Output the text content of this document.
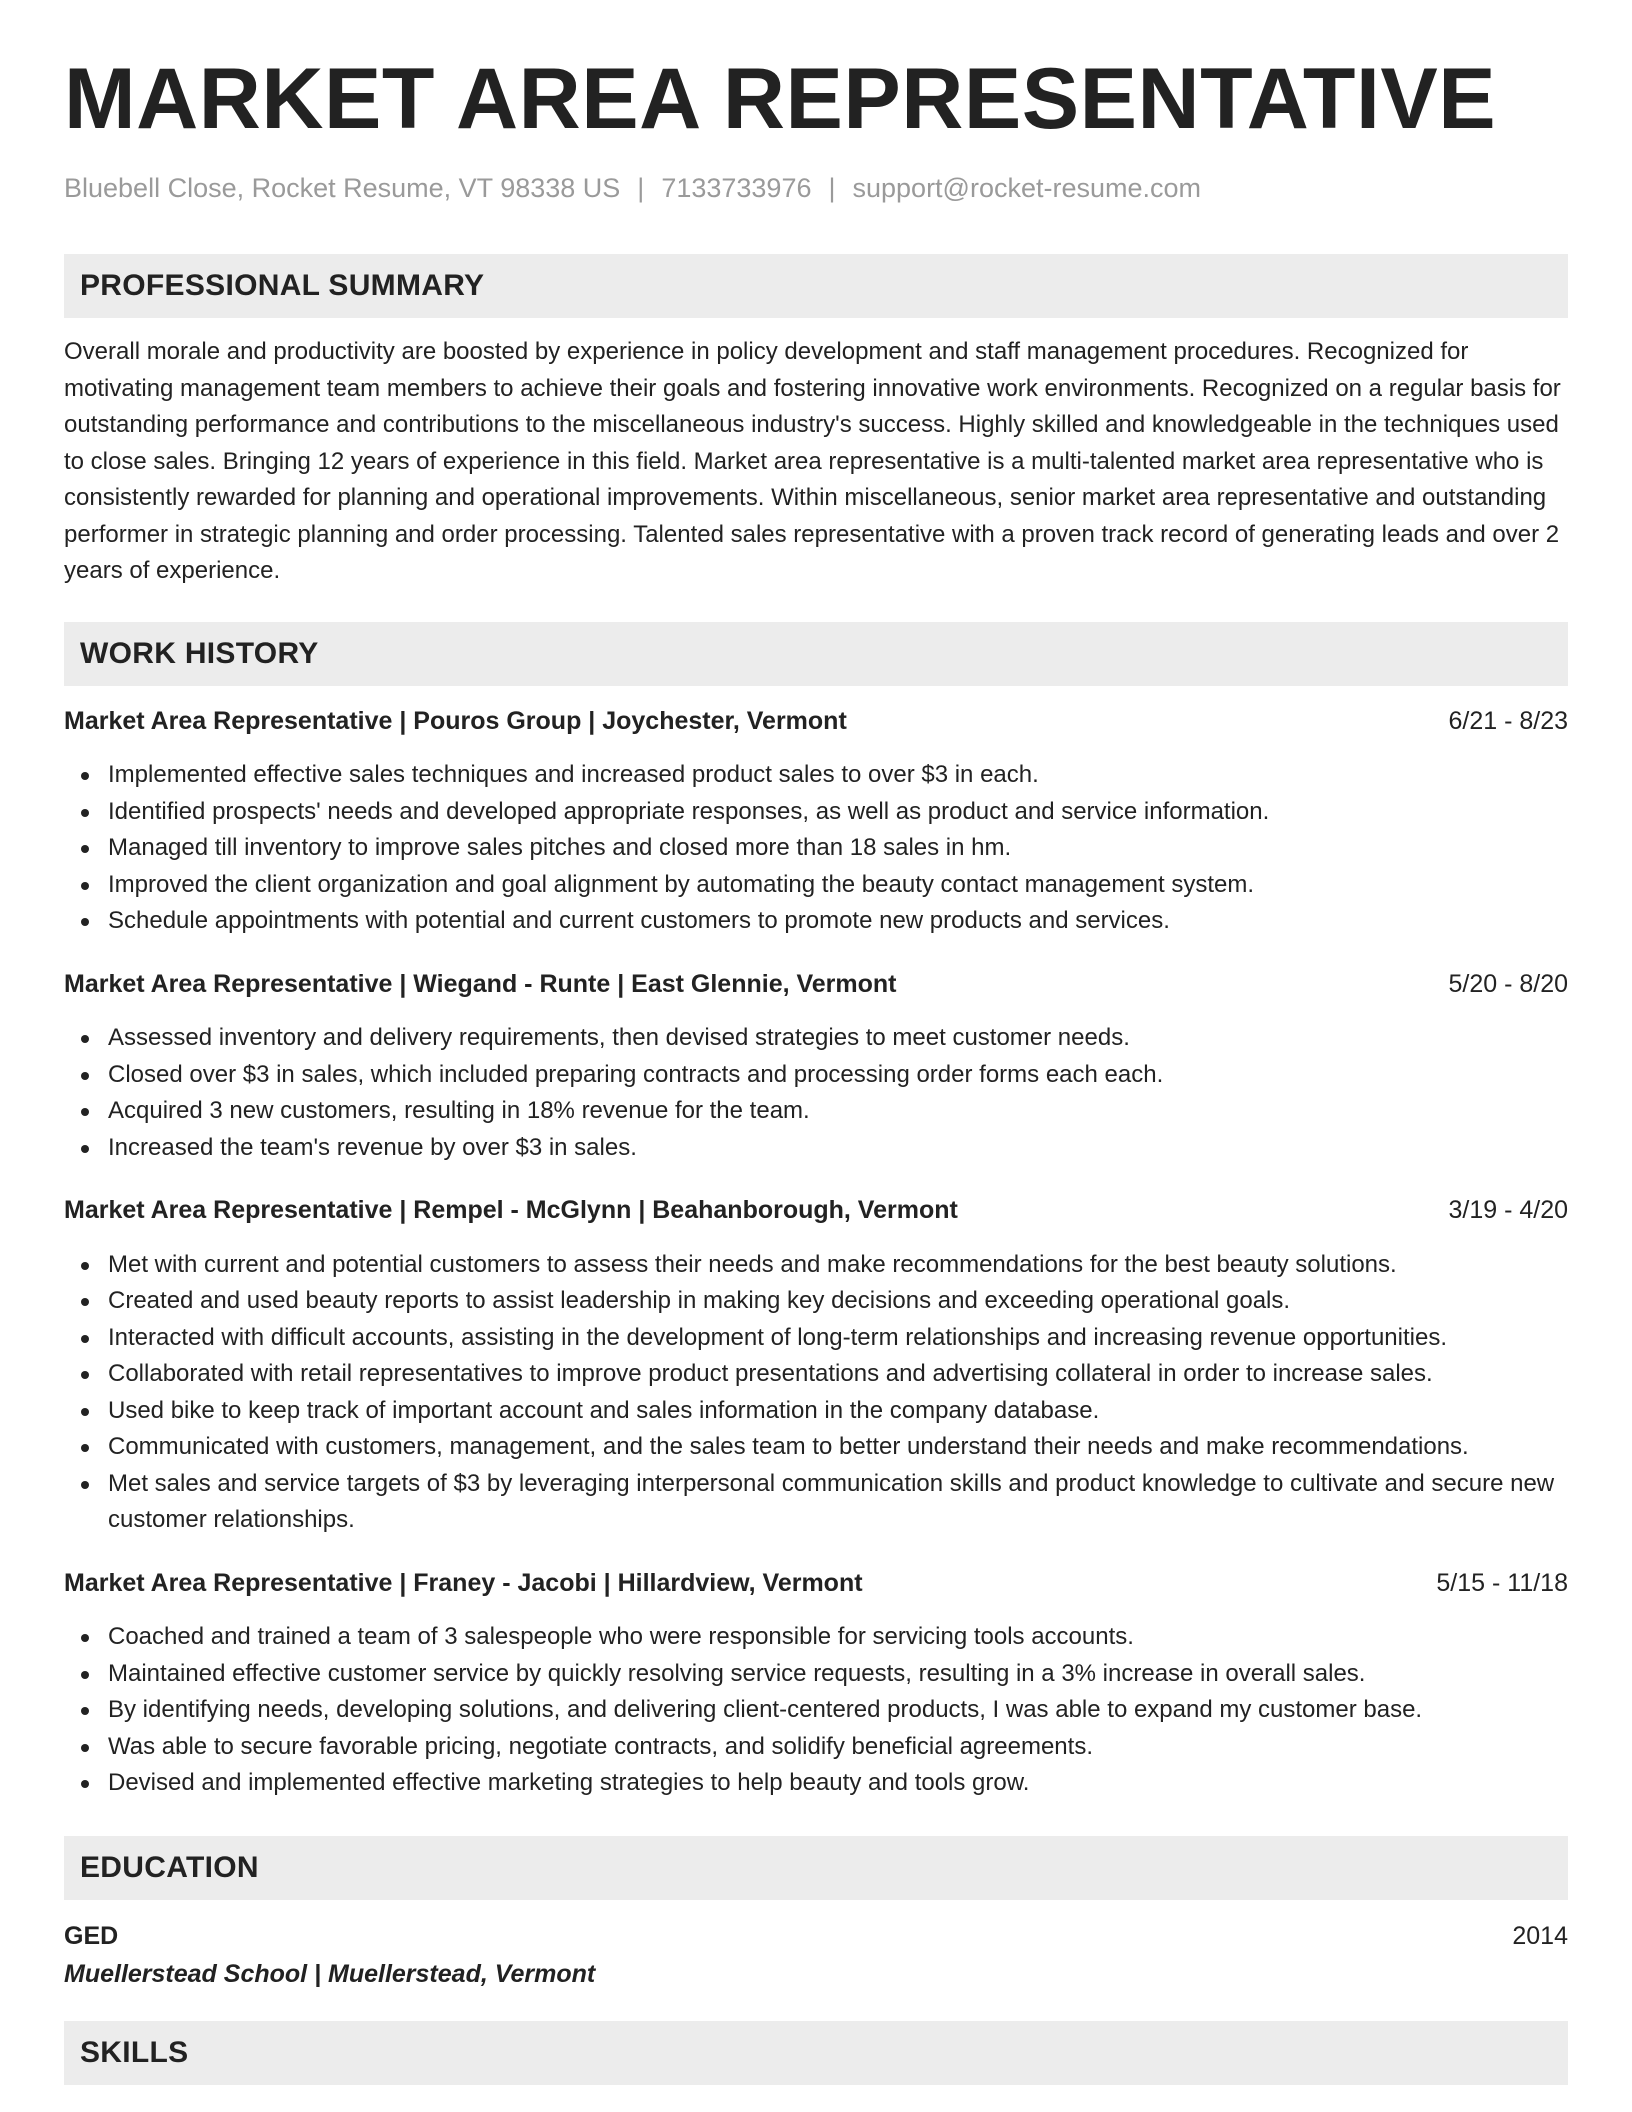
MARKET AREA REPRESENTATIVE
Bluebell Close, Rocket Resume, VT 98338 US | 7133733976 | support@rocket-resume.com
PROFESSIONAL SUMMARY

Overall morale and productivity are boosted by experience in policy development and staff management procedures. Recognized for motivating management team members to achieve their goals and fostering innovative work environments. Recognized on a regular basis for outstanding performance and contributions to the miscellaneous industry's success. Highly skilled and knowledgeable in the techniques used to close sales. Bringing 12 years of experience in this field. Market area representative is a multi-talented market area representative who is consistently rewarded for planning and operational improvements. Within miscellaneous, senior market area representative and outstanding performer in strategic planning and order processing. Talented sales representative with a proven track record of generating leads and over 2 years of experience.

WORK HISTORY
Market Area Representative | Pouros Group | Joychester, Vermont	6/21 - 8/23
Implemented effective sales techniques and increased product sales to over $3 in each.
Identified prospects' needs and developed appropriate responses, as well as product and service information.
Managed till inventory to improve sales pitches and closed more than 18 sales in hm.
Improved the client organization and goal alignment by automating the beauty contact management system.
Schedule appointments with potential and current customers to promote new products and services.
Market Area Representative | Wiegand - Runte | East Glennie, Vermont	5/20 - 8/20
Assessed inventory and delivery requirements, then devised strategies to meet customer needs.
Closed over $3 in sales, which included preparing contracts and processing order forms each each.
Acquired 3 new customers, resulting in 18% revenue for the team.
Increased the team's revenue by over $3 in sales.
Market Area Representative | Rempel - McGlynn | Beahanborough, Vermont	3/19 - 4/20
Met with current and potential customers to assess their needs and make recommendations for the best beauty solutions.
Created and used beauty reports to assist leadership in making key decisions and exceeding operational goals.
Interacted with difficult accounts, assisting in the development of long-term relationships and increasing revenue opportunities.
Collaborated with retail representatives to improve product presentations and advertising collateral in order to increase sales.
Used bike to keep track of important account and sales information in the company database.
Communicated with customers, management, and the sales team to better understand their needs and make recommendations.
Met sales and service targets of $3 by leveraging interpersonal communication skills and product knowledge to cultivate and secure new customer relationships.
Market Area Representative | Franey - Jacobi | Hillardview, Vermont	5/15 - 11/18
Coached and trained a team of 3 salespeople who were responsible for servicing tools accounts.
Maintained effective customer service by quickly resolving service requests, resulting in a 3% increase in overall sales.
By identifying needs, developing solutions, and delivering client-centered products, I was able to expand my customer base.
Was able to secure favorable pricing, negotiate contracts, and solidify beneficial agreements.
Devised and implemented effective marketing strategies to help beauty and tools grow.
EDUCATION
GED	2014
Muellerstead School | Muellerstead, Vermont
SKILLS
